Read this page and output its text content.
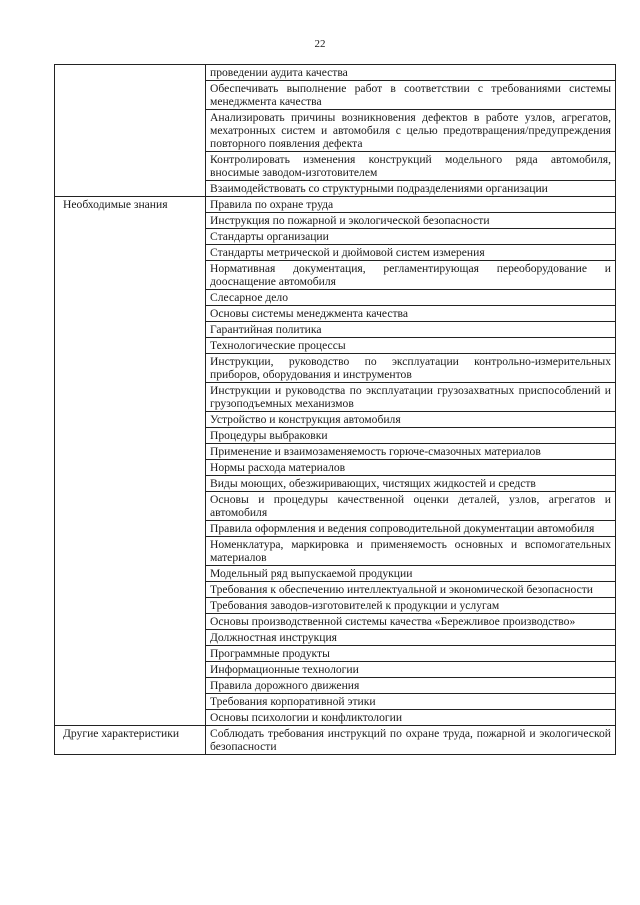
22
	проведении аудита качества
	Обеспечивать выполнение работ в соответствии с требованиями системы менеджмента качества
	Анализировать причины возникновения дефектов в работе узлов, агрегатов, мехатронных систем и автомобиля с целью предотвращения/предупреждения повторного появления дефекта
	Контролировать изменения конструкций модельного ряда автомобиля, вносимые заводом-изготовителем
	Взаимодействовать со структурными подразделениями организации
Необходимые знания	Правила по охране труда
	Инструкция по пожарной и экологической безопасности
	Стандарты организации
	Стандарты метрической и дюймовой систем измерения
	Нормативная документация, регламентирующая переоборудование и дооснащение автомобиля
	Слесарное дело
	Основы системы менеджмента качества
	Гарантийная политика
	Технологические процессы
	Инструкции, руководство по эксплуатации контрольно-измерительных приборов, оборудования и инструментов
	Инструкции и руководства по эксплуатации грузозахватных приспособлений и грузоподъемных механизмов
	Устройство и конструкция автомобиля
	Процедуры выбраковки
	Применение и взаимозаменяемость горюче-смазочных материалов
	Нормы расхода материалов
	Виды моющих, обезжиривающих, чистящих жидкостей и средств
	Основы и процедуры качественной оценки деталей, узлов, агрегатов и автомобиля
	Правила оформления и ведения сопроводительной документации автомобиля
	Номенклатура, маркировка и применяемость основных и вспомогательных материалов
	Модельный ряд выпускаемой продукции
	Требования к обеспечению интеллектуальной и экономической безопасности
	Требования заводов-изготовителей к продукции и услугам
	Основы производственной системы качества «Бережливое производство»
	Должностная инструкция
	Программные продукты
	Информационные технологии
	Правила дорожного движения
	Требования корпоративной этики
	Основы психологии и конфликтологии
Другие характеристики	Соблюдать требования инструкций по охране труда, пожарной и экологической безопасности
